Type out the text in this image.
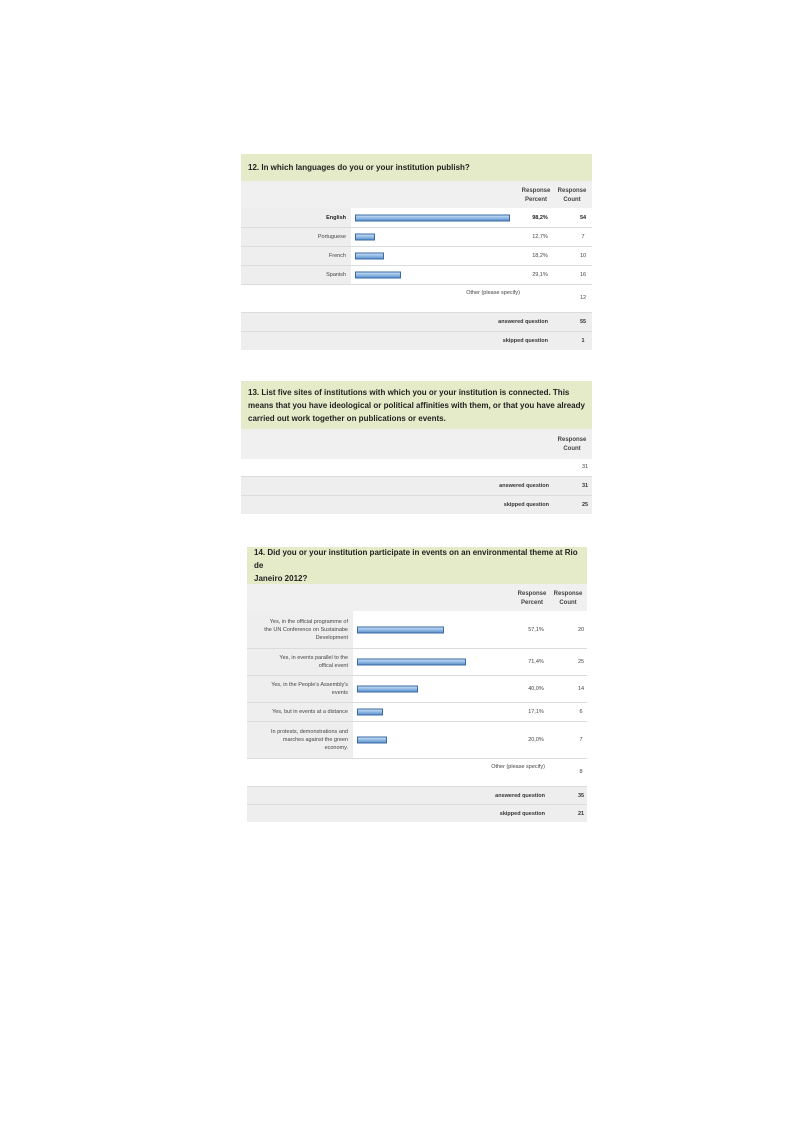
12. In which languages do you or your institution publish?
Response
Percent
Response
Count
English	98,2%	54
Portuguese	12,7%	7
French	18,2%	10
Spanish	29,1%	16
Other (please specify)
12
answered question	55
skipped question	1
13. List five sites of institutions with which you or your institution is connected. This
means that you have ideological or political affinities with them, or that you have already
carried out work together on publications or events.
Response
Count
31
answered question	31
skipped question	25
14. Did you or your institution participate in events on an environmental theme at Rio de
Janeiro 2012?
Response
Percent
Response
Count
Yes, in the official programme of
the UN Conference on Sustainabe
Development
57,1%	20
Yes, in events parallel to the
offical event
71,4%	25
Yes, in the People's Assembly's
events
40,0%	14
Yes, but in events at a distance	17,1%	6
In protests, demonstrations and
marches against the green
economy.
20,0%	7
Other (please specify)
8
answered question	35
skipped question	21
